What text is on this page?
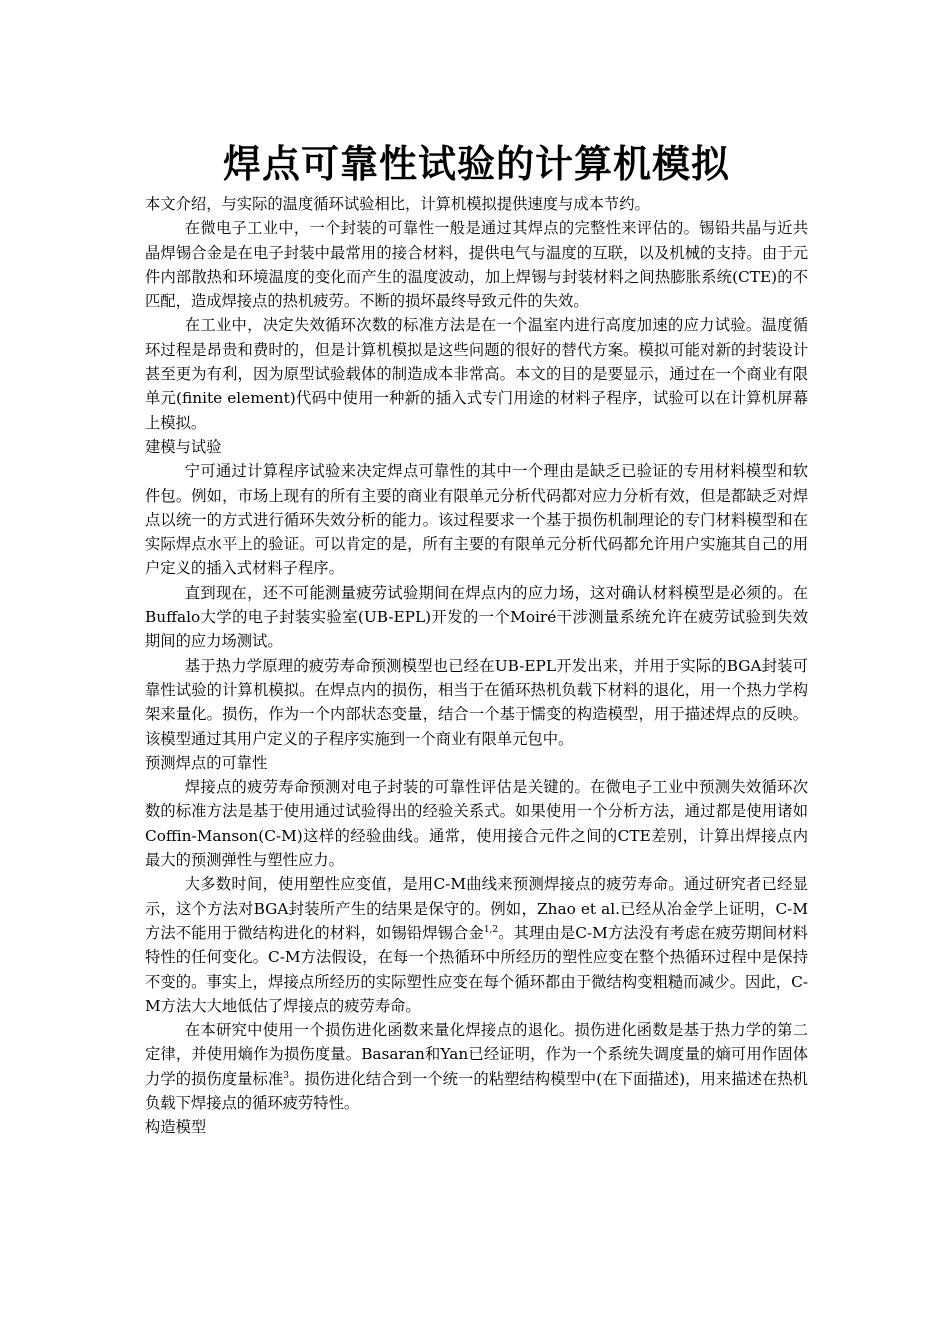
焊点可靠性试验的计算机模拟

本文介绍，与实际的温度循环试验相比，计算机模拟提供速度与成本节约。

在微电子工业中，一个封装的可靠性一般是通过其焊点的完整性来评估的。锡铅共晶与近共晶焊锡合金是在电子封装中最常用的接合材料，提供电气与温度的互联，以及机械的支持。由于元件内部散热和环境温度的变化而产生的温度波动，加上焊锡与封装材料之间热膨胀系统(CTE)的不匹配，造成焊接点的热机疲劳。不断的损坏最终导致元件的失效。

在工业中，决定失效循环次数的标准方法是在一个温室内进行高度加速的应力试验。温度循环过程是昂贵和费时的，但是计算机模拟是这些问题的很好的替代方案。模拟可能对新的封装设计甚至更为有利，因为原型试验载体的制造成本非常高。本文的目的是要显示，通过在一个商业有限单元(finite element)代码中使用一种新的插入式专门用途的材料子程序，试验可以在计算机屏幕上模拟。

建模与试验

宁可通过计算程序试验来决定焊点可靠性的其中一个理由是缺乏已验证的专用材料模型和软件包。例如，市场上现有的所有主要的商业有限单元分析代码都对应力分析有效，但是都缺乏对焊点以统一的方式进行循环失效分析的能力。该过程要求一个基于损伤机制理论的专门材料模型和在实际焊点水平上的验证。可以肯定的是，所有主要的有限单元分析代码都允许用户实施其自己的用户定义的插入式材料子程序。

直到现在，还不可能测量疲劳试验期间在焊点内的应力场，这对确认材料模型是必须的。在Buffalo大学的电子封装实验室(UB-EPL)开发的一个Moiré干涉测量系统允许在疲劳试验到失效期间的应力场测试。

基于热力学原理的疲劳寿命预测模型也已经在UB-EPL开发出来，并用于实际的BGA封装可靠性试验的计算机模拟。在焊点内的损伤，相当于在循环热机负载下材料的退化，用一个热力学构架来量化。损伤，作为一个内部状态变量，结合一个基于懦变的构造模型，用于描述焊点的反映。该模型通过其用户定义的子程序实施到一个商业有限单元包中。

预测焊点的可靠性

焊接点的疲劳寿命预测对电子封装的可靠性评估是关键的。在微电子工业中预测失效循环次数的标准方法是基于使用通过试验得出的经验关系式。如果使用一个分析方法，通过都是使用诸如Coffin-Manson(C-M)这样的经验曲线。通常，使用接合元件之间的CTE差别，计算出焊接点内最大的预测弹性与塑性应力。

大多数时间，使用塑性应变值，是用C-M曲线来预测焊接点的疲劳寿命。通过研究者已经显示，这个方法对BGA封装所产生的结果是保守的。例如，Zhao et al.已经从冶金学上证明，C-M方法不能用于微结构进化的材料，如锡铅焊锡合金$^{1,2}$。其理由是C-M方法没有考虑在疲劳期间材料特性的任何变化。C-M方法假设，在每一个热循环中所经历的塑性应变在整个热循环过程中是保持不变的。事实上，焊接点所经历的实际塑性应变在每个循环都由于微结构变粗糙而减少。因此，C-M方法大大地低估了焊接点的疲劳寿命。

在本研究中使用一个损伤进化函数来量化焊接点的退化。损伤进化函数是基于热力学的第二定律，并使用熵作为损伤度量。Basaran和Yan已经证明，作为一个系统失调度量的熵可用作固体力学的损伤度量标准$^3$。损伤进化结合到一个统一的粘塑结构模型中(在下面描述)，用来描述在热机负载下焊接点的循环疲劳特性。

构造模型
